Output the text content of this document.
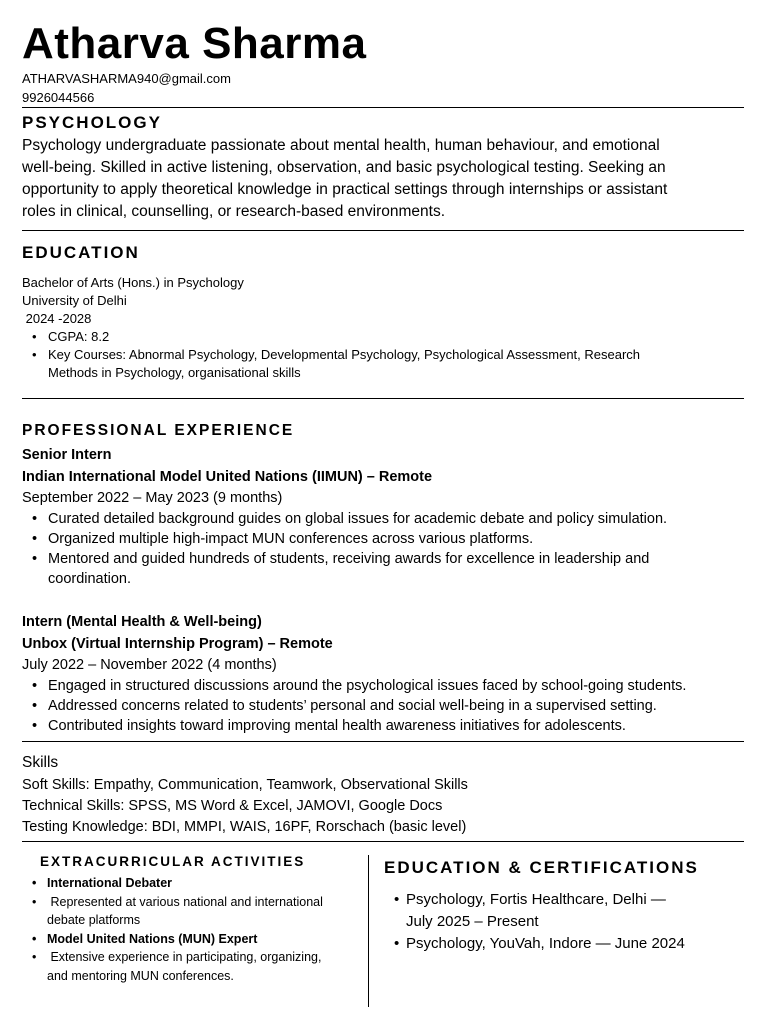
Atharva Sharma
ATHARVASHARMA940@gmail.com
9926044566
PSYCHOLOGY
Psychology undergraduate passionate about mental health, human behaviour, and emotional
well-being. Skilled in active listening, observation, and basic psychological testing. Seeking an
opportunity to apply theoretical knowledge in practical settings through internships or assistant
roles in clinical, counselling, or research-based environments.
EDUCATION
Bachelor of Arts (Hons.) in Psychology
University of Delhi
2024 -2028
• CGPA: 8.2
• Key Courses: Abnormal Psychology, Developmental Psychology, Psychological Assessment, Research
Methods in Psychology, organisational skills
PROFESSIONAL EXPERIENCE
Senior Intern
Indian International Model United Nations (IIMUN) – Remote
September 2022 – May 2023 (9 months)
• Curated detailed background guides on global issues for academic debate and policy simulation.
• Organized multiple high-impact MUN conferences across various platforms.
• Mentored and guided hundreds of students, receiving awards for excellence in leadership and
coordination.
Intern (Mental Health & Well-being)
Unbox (Virtual Internship Program) – Remote
July 2022 – November 2022 (4 months)
• Engaged in structured discussions around the psychological issues faced by school-going students.
• Addressed concerns related to students’ personal and social well-being in a supervised setting.
• Contributed insights toward improving mental health awareness initiatives for adolescents.
Skills
Soft Skills: Empathy, Communication, Teamwork, Observational Skills
Technical Skills: SPSS, MS Word & Excel, JAMOVI, Google Docs
Testing Knowledge: BDI, MMPI, WAIS, 16PF, Rorschach (basic level)
EXTRACURRICULAR ACTIVITIES
• International Debater
•  Represented at various national and international
debate platforms
• Model United Nations (MUN) Expert
•  Extensive experience in participating, organizing,
and mentoring MUN conferences.
EDUCATION & CERTIFICATIONS
• Psychology, Fortis Healthcare, Delhi —
July 2025 – Present
• Psychology, YouVah, Indore — June 2024
